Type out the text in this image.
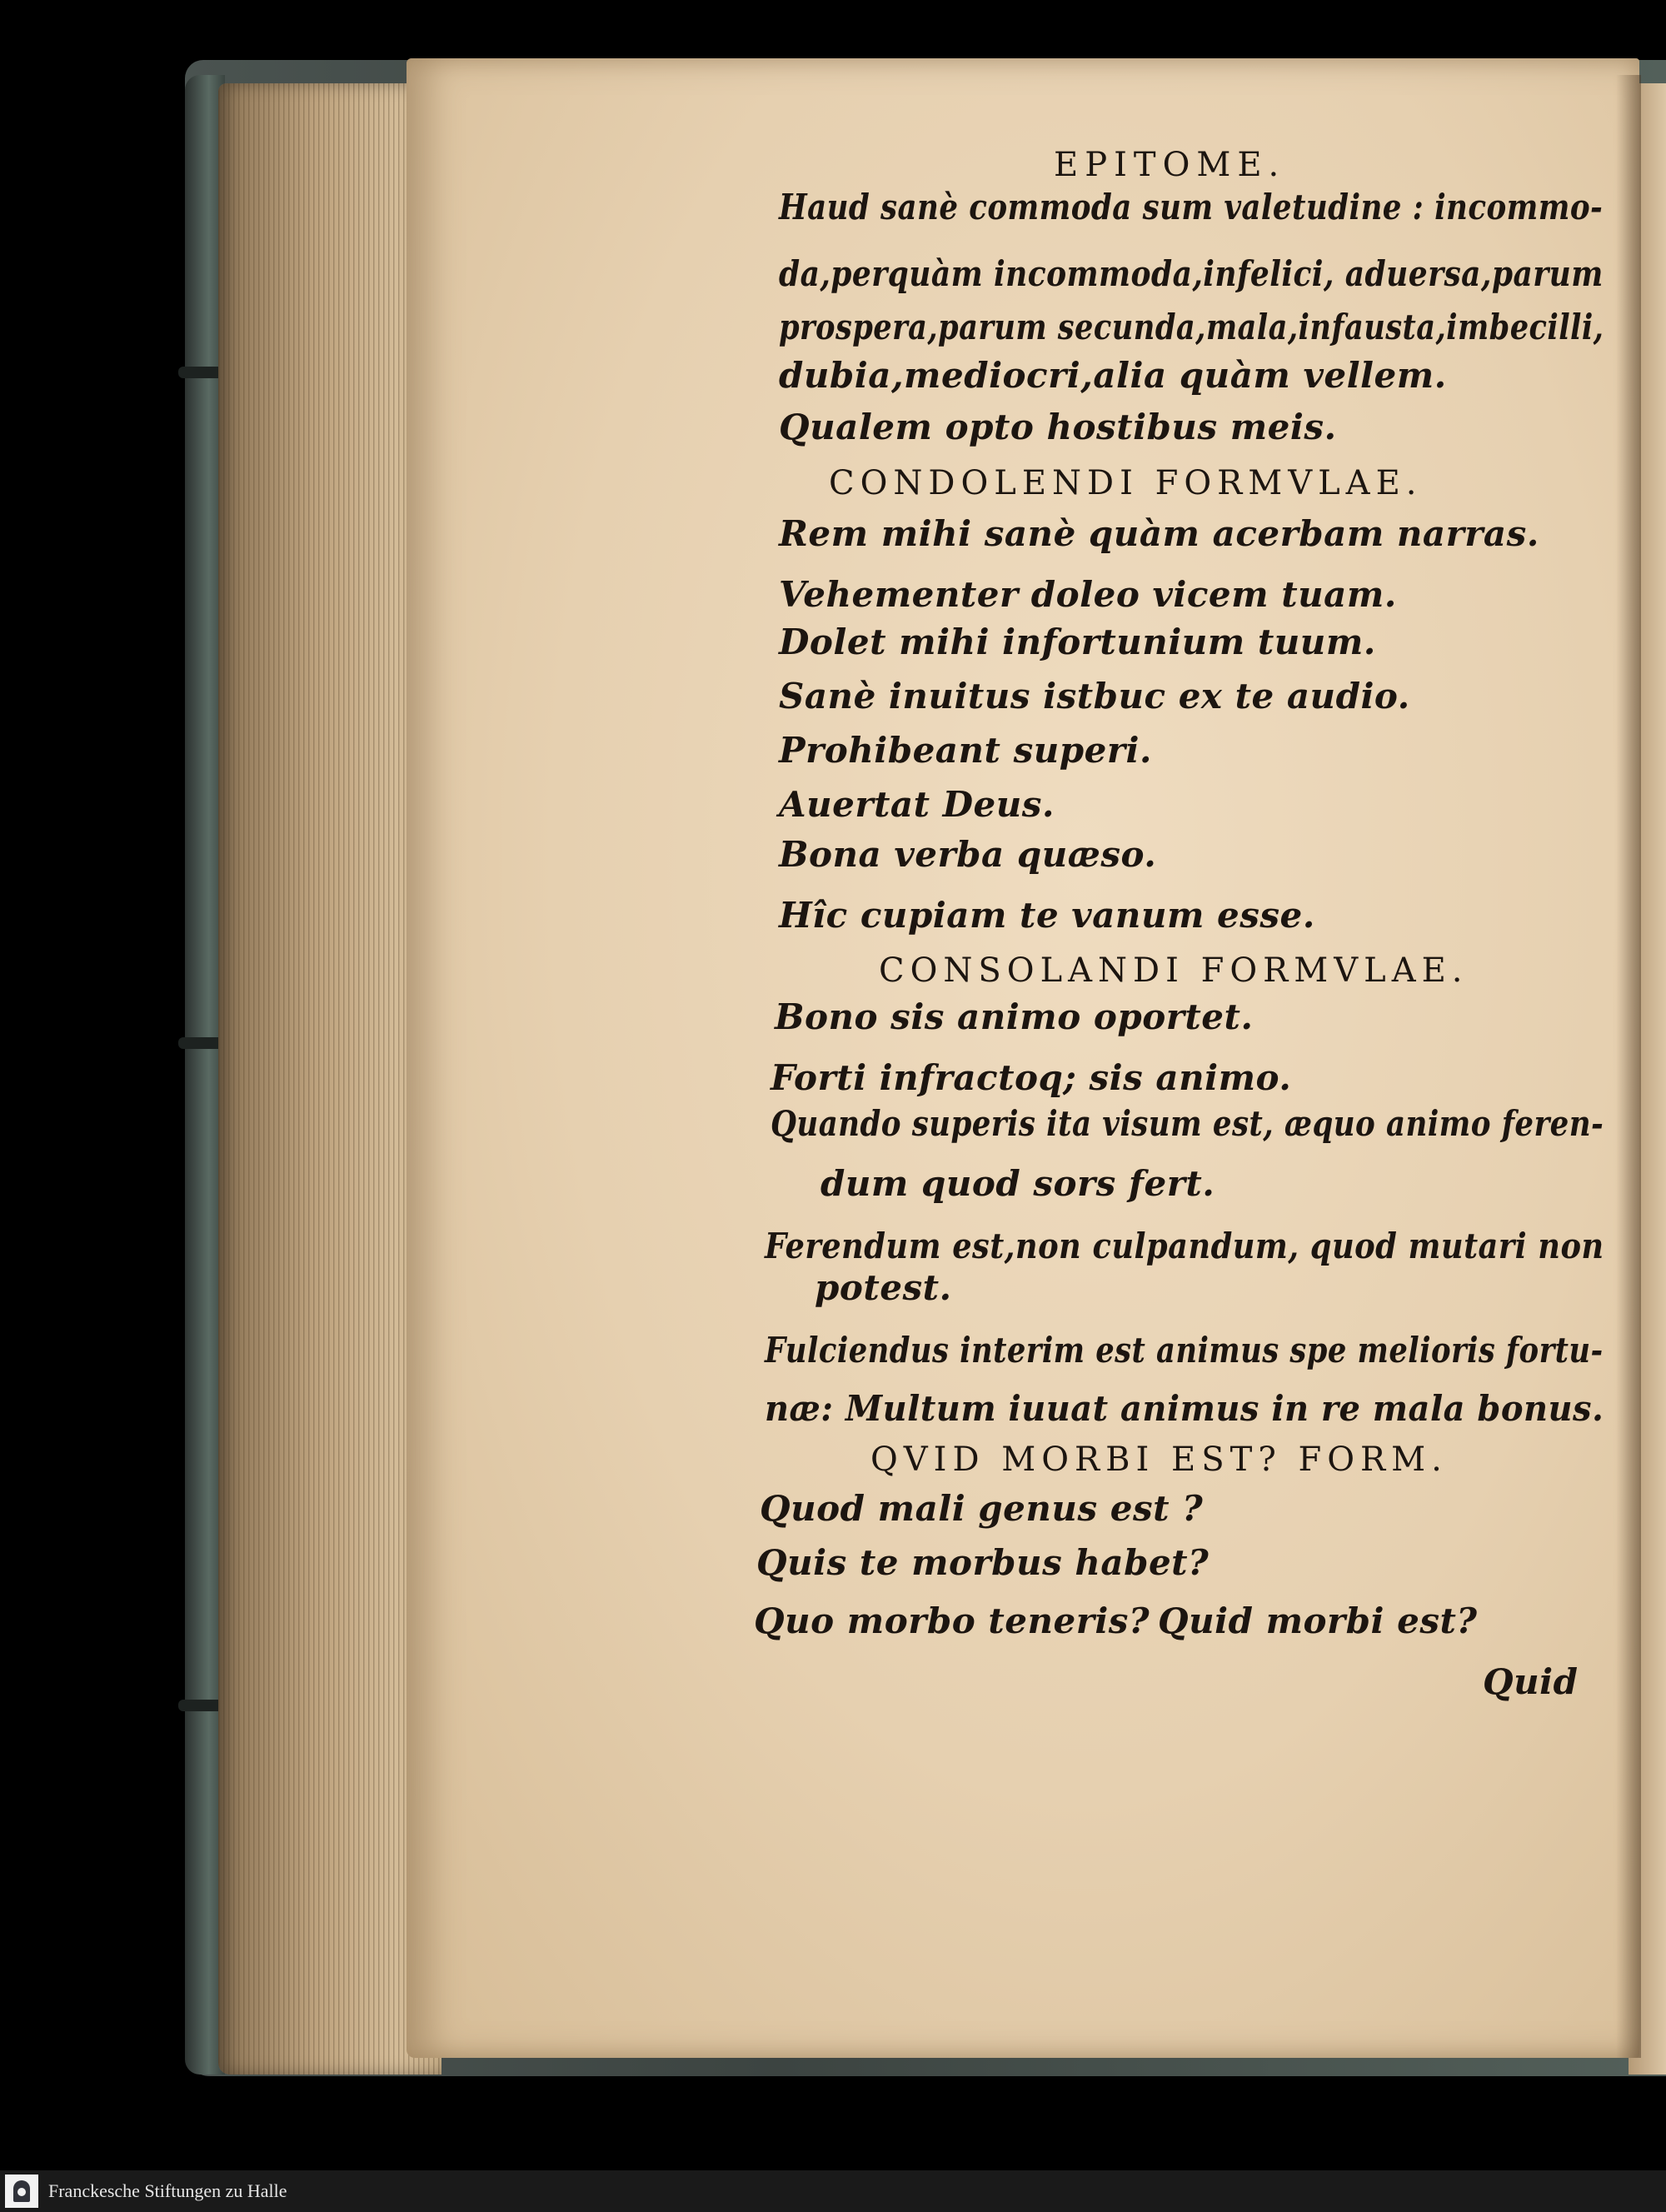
EPITOME.
Haud sanè commoda sum valetudine : incommo-
da,perquàm incommoda,infelici, aduersa,parum
prospera,parum secunda,mala,infausta,imbecilli,
dubia,mediocri,alia quàm vellem.
Qualem opto hostibus meis.
CONDOLENDI FORMVLAE.
Rem mihi sanè quàm acerbam narras.
Vehementer doleo vicem tuam.
Dolet mihi infortunium tuum.
Sanè inuitus istbuc ex te audio.
Prohibeant superi.
Auertat Deus.
Bona verba quæso.
Hîc cupiam te vanum esse.
CONSOLANDI FORMVLAE.
Bono sis animo oportet.
Forti infractoq; sis animo.
Quando superis ita visum est, æquo animo feren-
dum quod sors fert.
Ferendum est,non culpandum, quod mutari non
potest.
Fulciendus interim est animus spe melioris fortu-
næ: Multum iuuat animus in re mala bonus.
QVID MORBI EST? FORM.
Quod mali genus est ?
Quis te morbus habet?
Quo morbo teneris? Quid morbi est?
Quid
Franckesche Stiftungen zu Halle
